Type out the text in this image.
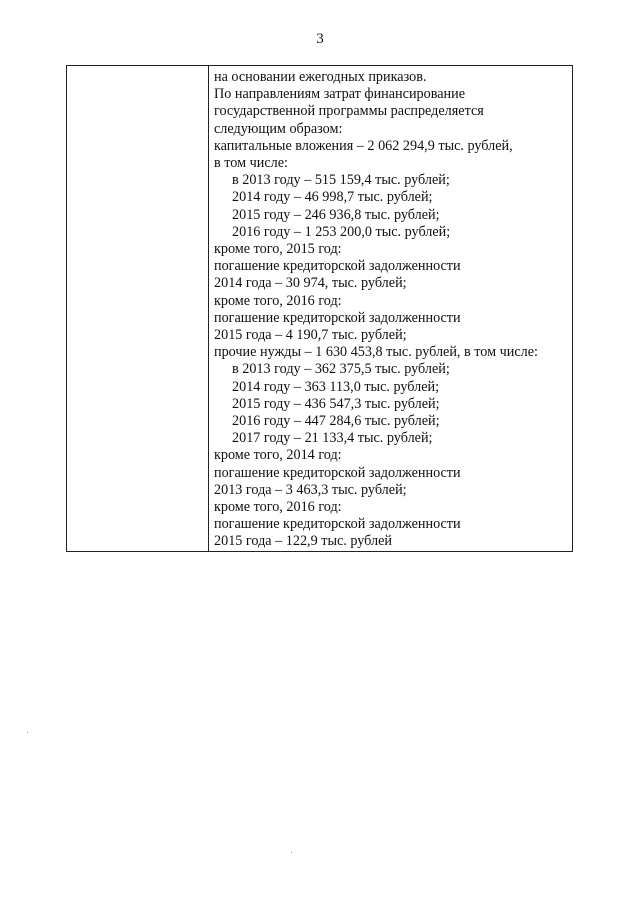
3

на основании ежегодных приказов.
По направлениям затрат финансирование
государственной программы распределяется
следующим образом:
капитальные вложения – 2 062 294,9 тыс. рублей,
в том числе:
в 2013 году – 515 159,4 тыс. рублей;
2014 году – 46 998,7 тыс. рублей;
2015 году – 246 936,8 тыс. рублей;
2016 году – 1 253 200,0 тыс. рублей;
кроме того, 2015 год:
погашение кредиторской задолженности
2014 года – 30 974, тыс. рублей;
кроме того, 2016 год:
погашение кредиторской задолженности
2015 года – 4 190,7 тыс. рублей;
прочие нужды – 1 630 453,8 тыс. рублей, в том числе:
в 2013 году – 362 375,5 тыс. рублей;
2014 году – 363 113,0 тыс. рублей;
2015 году – 436 547,3 тыс. рублей;
2016 году – 447 284,6 тыс. рублей;
2017 году – 21 133,4 тыс. рублей;
кроме того, 2014 год:
погашение кредиторской задолженности
2013 года – 3 463,3 тыс. рублей;
кроме того, 2016 год:
погашение кредиторской задолженности
2015 года – 122,9 тыс. рублей
